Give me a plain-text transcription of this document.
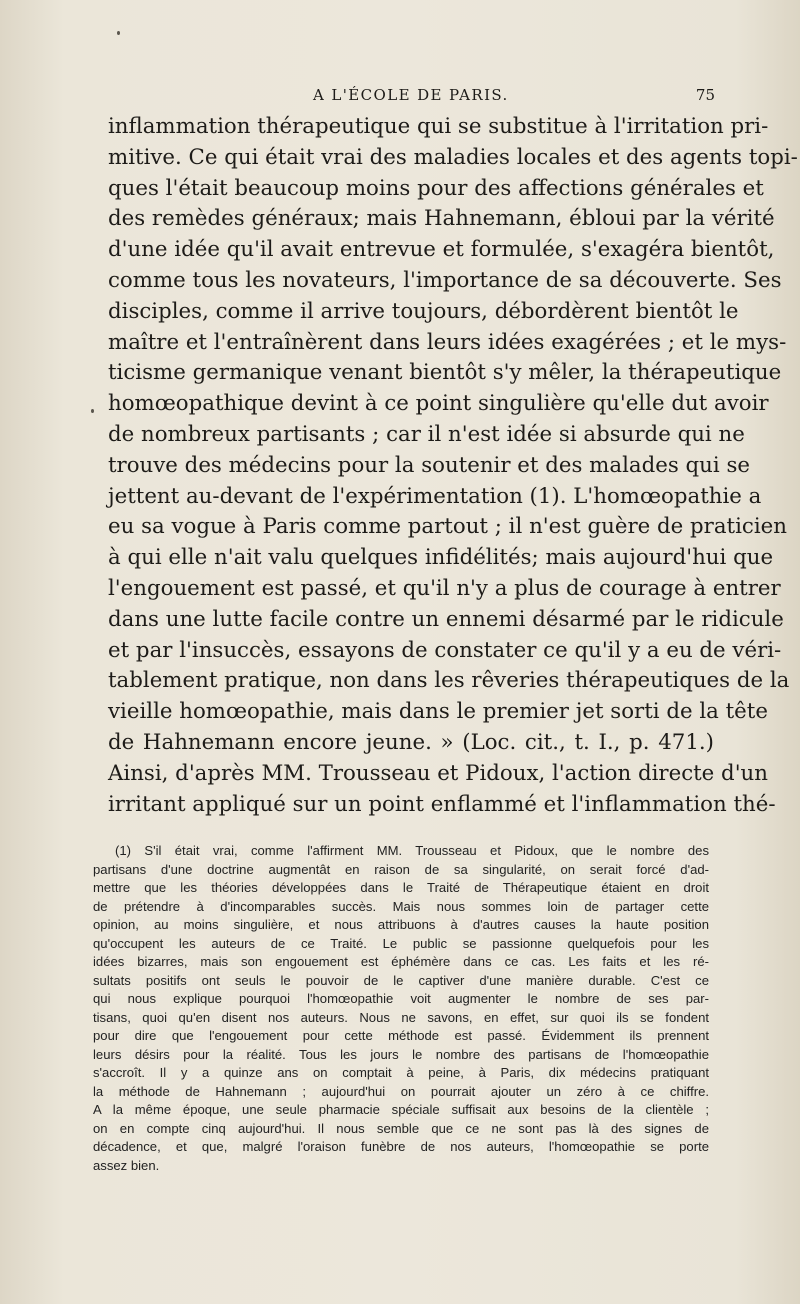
A L'ÉCOLE DE PARIS.	75
inflammation thérapeutique qui se substitue à l'irritation pri-
mitive. Ce qui était vrai des maladies locales et des agents topi-
ques l'était beaucoup moins pour des affections générales et
des remèdes généraux; mais Hahnemann, ébloui par la vérité
d'une idée qu'il avait entrevue et formulée, s'exagéra bientôt,
comme tous les novateurs, l'importance de sa découverte. Ses
disciples, comme il arrive toujours, débordèrent bientôt le
maître et l'entraînèrent dans leurs idées exagérées ; et le mys-
ticisme germanique venant bientôt s'y mêler, la thérapeutique
homœopathique devint à ce point singulière qu'elle dut avoir
de nombreux partisants ; car il n'est idée si absurde qui ne
trouve des médecins pour la soutenir et des malades qui se
jettent au-devant de l'expérimentation (1). L'homœopathie a
eu sa vogue à Paris comme partout ; il n'est guère de praticien
à qui elle n'ait valu quelques infidélités; mais aujourd'hui que
l'engouement est passé, et qu'il n'y a plus de courage à entrer
dans une lutte facile contre un ennemi désarmé par le ridicule
et par l'insuccès, essayons de constater ce qu'il y a eu de véri-
tablement pratique, non dans les rêveries thérapeutiques de la
vieille homœopathie, mais dans le premier jet sorti de la tête
de Hahnemann encore jeune. » (Loc. cit., t. I., p. 471.)
Ainsi, d'après MM. Trousseau et Pidoux, l'action directe d'un
irritant appliqué sur un point enflammé et l'inflammation thé-
(1) S'il était vrai, comme l'affirment MM. Trousseau et Pidoux, que le nombre des
partisans d'une doctrine augmentât en raison de sa singularité, on serait forcé d'ad-
mettre que les théories développées dans le Traité de Thérapeutique étaient en droit
de prétendre à d'incomparables succès. Mais nous sommes loin de partager cette
opinion, au moins singulière, et nous attribuons à d'autres causes la haute position
qu'occupent les auteurs de ce Traité. Le public se passionne quelquefois pour les
idées bizarres, mais son engouement est éphémère dans ce cas. Les faits et les ré-
sultats positifs ont seuls le pouvoir de le captiver d'une manière durable. C'est ce
qui nous explique pourquoi l'homœopathie voit augmenter le nombre de ses par-
tisans, quoi qu'en disent nos auteurs. Nous ne savons, en effet, sur quoi ils se fondent
pour dire que l'engouement pour cette méthode est passé. Évidemment ils prennent
leurs désirs pour la réalité. Tous les jours le nombre des partisans de l'homœopathie
s'accroît. Il y a quinze ans on comptait à peine, à Paris, dix médecins pratiquant
la méthode de Hahnemann ; aujourd'hui on pourrait ajouter un zéro à ce chiffre.
A la même époque, une seule pharmacie spéciale suffisait aux besoins de la clientèle ;
on en compte cinq aujourd'hui. Il nous semble que ce ne sont pas là des signes de
décadence, et que, malgré l'oraison funèbre de nos auteurs, l'homœopathie se porte
assez bien.
